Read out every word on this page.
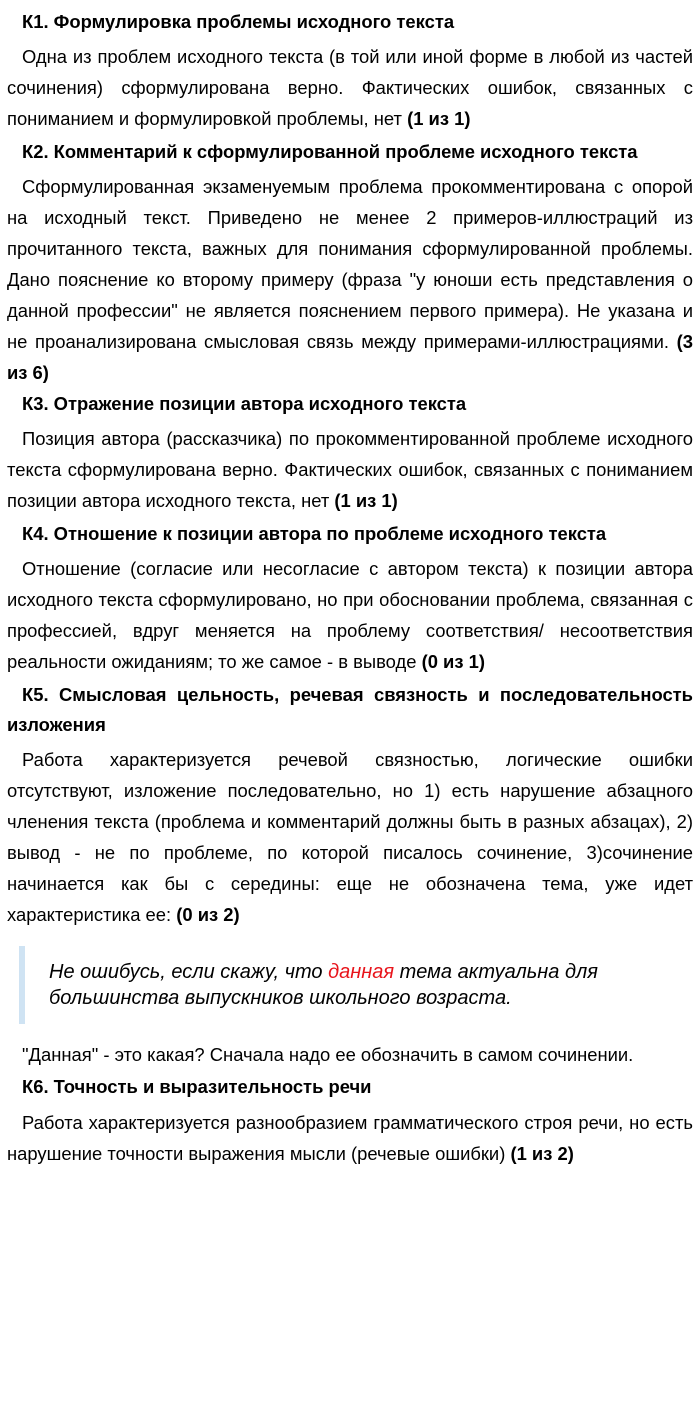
К1. Формулировка проблемы исходного текста

Одна из проблем исходного текста (в той или иной форме в любой из частей сочинения) сформулирована верно. Фактических ошибок, связанных с пониманием и формулировкой проблемы, нет (1 из 1)

К2. Комментарий к сформулированной проблеме исходного текста

Сформулированная экзаменуемым проблема прокомментирована с опорой на исходный текст. Приведено не менее 2 примеров-иллюстраций из прочитанного текста, важных для понимания сформулированной проблемы. Дано пояснение ко второму примеру (фраза "у юноши есть представления о данной профессии" не является пояснением первого примера). Не указана и не проанализирована смысловая связь между примерами-иллюстрациями. (3 из 6)

К3. Отражение позиции автора исходного текста

Позиция автора (рассказчика) по прокомментированной проблеме исходного текста сформулирована верно. Фактических ошибок, связанных с пониманием позиции автора исходного текста, нет (1 из 1)

К4. Отношение к позиции автора по проблеме исходного текста

Отношение (согласие или несогласие с автором текста) к позиции автора исходного текста сформулировано, но при обосновании проблема, связанная с профессией, вдруг меняется на проблему соответствия/ несоответствия реальности ожиданиям; то же самое - в выводе (0 из 1)

К5. Смысловая цельность, речевая связность и последовательность изложения

Работа характеризуется речевой связностью, логические ошибки отсутствуют, изложение последовательно, но 1) есть нарушение абзацного членения текста (проблема и комментарий должны быть в разных абзацах), 2) вывод - не по проблеме, по которой писалось сочинение, 3)сочинение начинается как бы с середины: еще не обозначена тема, уже идет характеристика ее: (0 из 2)

Не ошибусь, если скажу, что данная тема актуальна для большинства выпускников школьного возраста.

"Данная" - это какая? Сначала надо ее обозначить в самом сочинении.

К6. Точность и выразительность речи

Работа характеризуется разнообразием грамматического строя речи, но есть нарушение точности выражения мысли (речевые ошибки) (1 из 2)
